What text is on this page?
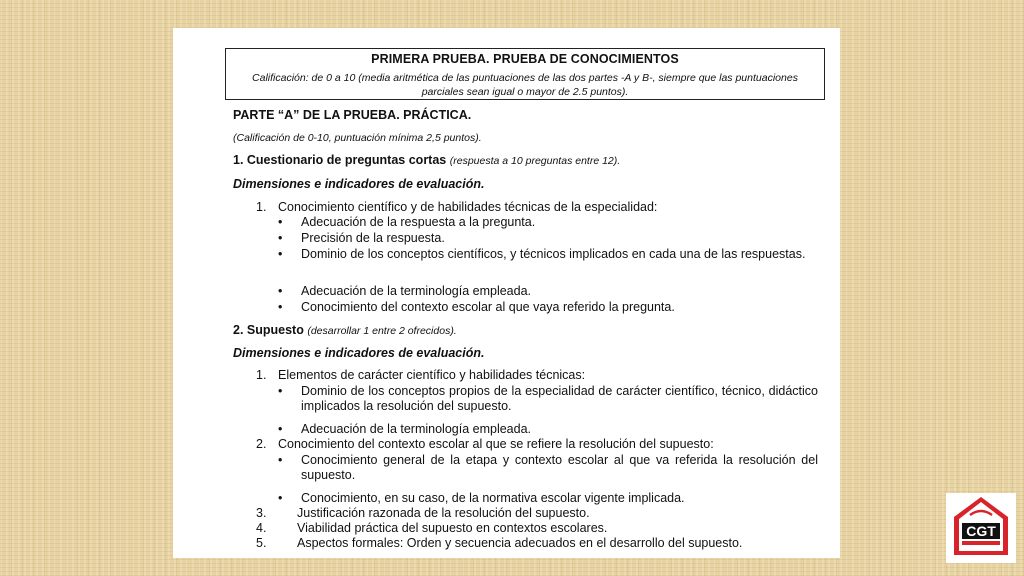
PRIMERA PRUEBA. PRUEBA DE CONOCIMIENTOS
Calificación: de 0 a 10 (media aritmética de las puntuaciones de las dos partes -A y B-, siempre que las puntuaciones parciales sean igual o mayor de 2.5 puntos).
PARTE “A” DE LA PRUEBA. PRÁCTICA.
(Calificación de 0-10, puntuación mínima 2,5 puntos).
1. Cuestionario de preguntas cortas (respuesta a 10 preguntas entre 12).
Dimensiones e indicadores de evaluación.
1. Conocimiento científico y de habilidades técnicas de la especialidad:
• Adecuación de la respuesta a la pregunta.
• Precisión de la respuesta.
• Dominio de los conceptos científicos, y técnicos implicados en cada una de las respuestas.
• Adecuación de la terminología empleada.
• Conocimiento del contexto escolar al que vaya referido la pregunta.
2. Supuesto (desarrollar 1 entre 2 ofrecidos).
Dimensiones e indicadores de evaluación.
1. Elementos de carácter científico y habilidades técnicas:
• Dominio de los conceptos propios de la especialidad de carácter científico, técnico, didáctico implicados la resolución del supuesto.
• Adecuación de la terminología empleada.
2. Conocimiento del contexto escolar al que se refiere la resolución del supuesto:
• Conocimiento general de la etapa y contexto escolar al que va referida la resolución del supuesto.
• Conocimiento, en su caso, de la normativa escolar vigente implicada.
3. Justificación razonada de la resolución del supuesto.
4. Viabilidad práctica del supuesto en contextos escolares.
5. Aspectos formales: Orden y secuencia adecuados en el desarrollo del supuesto.
CGT
